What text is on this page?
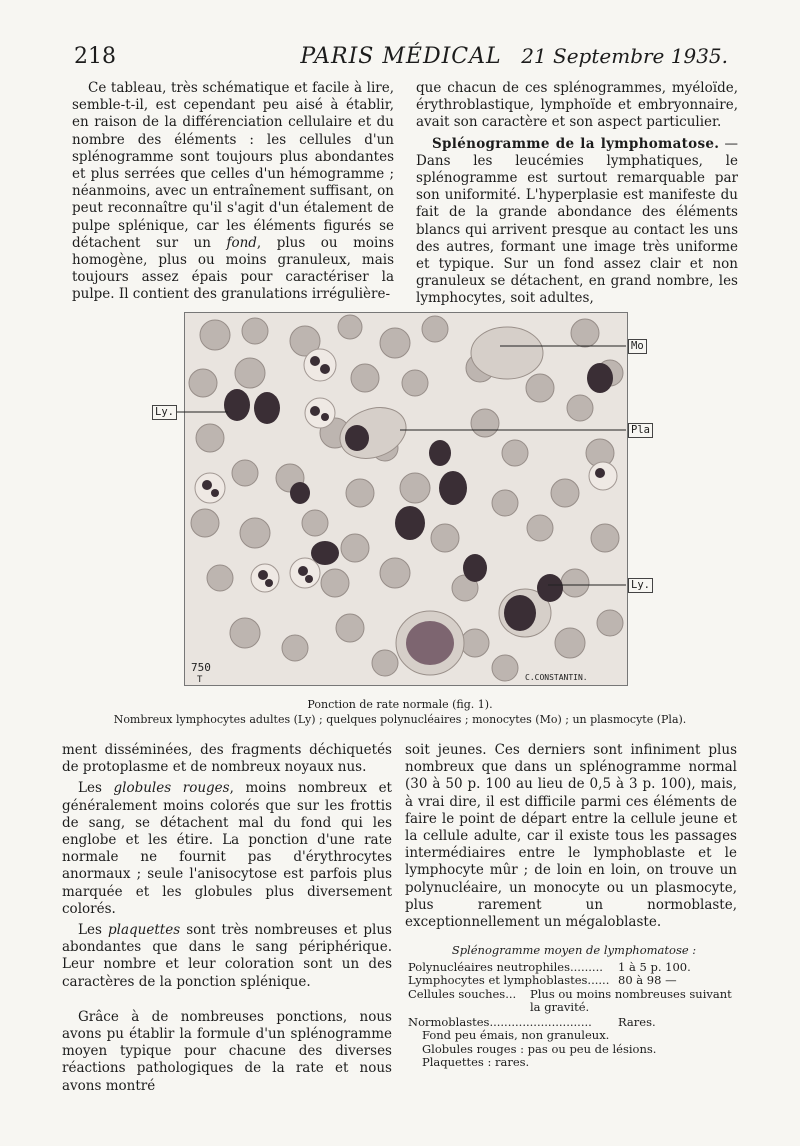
218	PARIS MÉDICAL 21 Septembre 1935.

Ce tableau, très schématique et facile à lire, semble-t-il, est cependant peu aisé à établir, en raison de la différenciation cellulaire et du nombre des éléments : les cellules d'un splénogramme sont toujours plus abondantes et plus serrées que celles d'un hémogramme ; néanmoins, avec un entraînement suffisant, on peut reconnaître qu'il s'agit d'un étalement de pulpe splénique, car les éléments figurés se détachent sur un fond, plus ou moins homogène, plus ou moins granuleux, mais toujours assez épais pour caractériser la pulpe. Il contient des granulations irrégulière-

que chacun de ces splénogrammes, myéloïde, érythroblastique, lymphoïde et embryonnaire, avait son caractère et son aspect particulier.

Splénogramme de la lymphomatose. — Dans les leucémies lymphatiques, le splénogramme est surtout remarquable par son uniformité. L'hyperplasie est manifeste du fait de la grande abondance des éléments blancs qui arrivent presque au contact les uns des autres, formant une image très uniforme et typique. Sur un fond assez clair et non granuleux se détachent, en grand nombre, les lymphocytes, soit adultes,

750
T	C.CONSTANTIN.
Mo
Pla
Ly.
Ly.
Ponction de rate normale (fig. 1).
Nombreux lymphocytes adultes (Ly) ; quelques polynucléaires ; monocytes (Mo) ; un plasmocyte (Pla).

ment disséminées, des fragments déchiquetés de protoplasme et de nombreux noyaux nus.

Les globules rouges, moins nombreux et généralement moins colorés que sur les frottis de sang, se détachent mal du fond qui les englobe et les étire. La ponction d'une rate normale ne fournit pas d'érythrocytes anormaux ; seule l'anisocytose est parfois plus marquée et les globules plus diversement colorés.

Les plaquettes sont très nombreuses et plus abondantes que dans le sang périphérique. Leur nombre et leur coloration sont un des caractères de la ponction splénique.

Grâce à de nombreuses ponctions, nous avons pu établir la formule d'un splénogramme moyen typique pour chacune des diverses réactions pathologiques de la rate et nous avons montré

soit jeunes. Ces derniers sont infiniment plus nombreux que dans un splénogramme normal (30 à 50 p. 100 au lieu de 0,5 à 3 p. 100), mais, à vrai dire, il est difficile parmi ces éléments de faire le point de départ entre la cellule jeune et la cellule adulte, car il existe tous les passages intermédiaires entre le lymphoblaste et le lymphocyte mûr ; de loin en loin, on trouve un polynucléaire, un monocyte ou un plasmocyte, plus rarement un normoblaste, exceptionnellement un mégaloblaste.

Splénogramme moyen de lymphomatose :
Polynucléaires neutrophiles......... 1 à 5 p. 100.
Lymphocytes et lymphoblastes...... 80 à 98 —
Cellules souches... Plus ou moins nombreuses suivant la gravité.
Normoblastes............................ Rares.
Fond peu émais, non granuleux.
Globules rouges : pas ou peu de lésions.
Plaquettes : rares.
